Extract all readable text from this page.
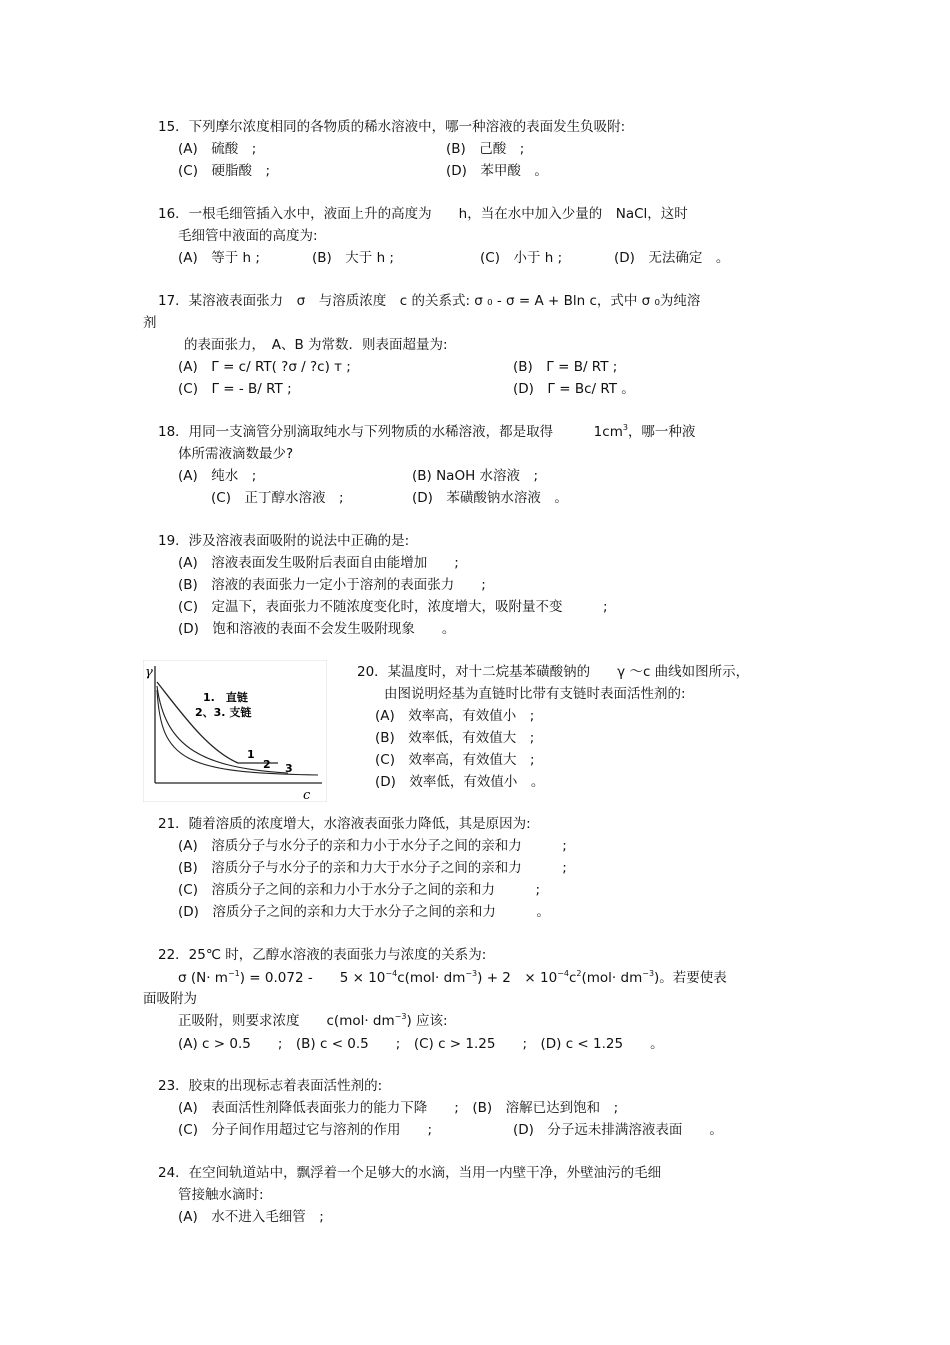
15．下列摩尔浓度相同的各物质的稀水溶液中，哪一种溶液的表面发生负吸附:
(A)　硫酸　;	(B)　己酸　;
(C)　硬脂酸　;	(D)　苯甲酸　。
16．一根毛细管插入水中，液面上升的高度为　　h，当在水中加入少量的　NaCl，这时
毛细管中液面的高度为:
(A)　等于 h ;	(B)　大于 h ;	(C)　小于 h ;	(D)　无法确定　。
17．某溶液表面张力　σ　与溶质浓度　c 的关系式: σ ₀ - σ = A + Bln c，式中 σ ₀为纯溶
剂
的表面张力，　A、B 为常数．则表面超量为:
(A)　Γ = c/ RT( ?σ / ?c) ᴛ ;	(B)　Γ = B/ RT ;
(C)　Γ = - B/ RT ;	(D)　Γ = Bc/ RT 。
18．用同一支滴管分别滴取纯水与下列物质的水稀溶液，都是取得　　　$1cm^3$，哪一种液
体所需液滴数最少?
(A)　纯水　;	(B) NaOH 水溶液　;
(C)　正丁醇水溶液　;	(D)　苯磺酸钠水溶液　。
19．涉及溶液表面吸附的说法中正确的是:
(A)　溶液表面发生吸附后表面自由能增加　　;
(B)　溶液的表面张力一定小于溶剂的表面张力　　;
(C)　定温下，表面张力不随浓度变化时，浓度增大，吸附量不变　　　;
(D)　饱和溶液的表面不会发生吸附现象　　。
γ
c
1.　直链
2、3. 支链
1
2 3
20．某温度时，对十二烷基苯磺酸钠的　　γ ～c 曲线如图所示，
由图说明烃基为直链时比带有支链时表面活性剂的:
(A)　效率高，有效值小　;
(B)　效率低，有效值大　;
(C)　效率高，有效值大　;
(D)　效率低，有效值小　。
21．随着溶质的浓度增大，水溶液表面张力降低，其是原因为:
(A)　溶质分子与水分子的亲和力小于水分子之间的亲和力　　　;
(B)　溶质分子与水分子的亲和力大于水分子之间的亲和力　　　;
(C)　溶质分子之间的亲和力小于水分子之间的亲和力　　　;
(D)　溶质分子之间的亲和力大于水分子之间的亲和力　　　。
22．25℃ 时，乙醇水溶液的表面张力与浓度的关系为:
σ $(N\cdot m^{-1}) = 0.072$ -　　$5 \times 10^{-4}c(mol\cdot dm^{-3}) + 2$　× $10^{-4}c^2(mol\cdot dm^{-3})$。若要使表
面吸附为
正吸附，则要求浓度　　$c(mol\cdot dm^{-3})$ 应该:
(A) c > 0.5　　;　(B) c < 0.5　　;　(C) c > 1.25　　;　(D) c < 1.25　　。
23．胶束的出现标志着表面活性剂的:
(A)　表面活性剂降低表面张力的能力下降　　;　(B)　溶解已达到饱和　;
(C)　分子间作用超过它与溶剂的作用　　;	(D)　分子远未排满溶液表面　　。
24．在空间轨道站中，飘浮着一个足够大的水滴，当用一内壁干净，外壁油污的毛细
管接触水滴时:
(A)　水不进入毛细管　;
